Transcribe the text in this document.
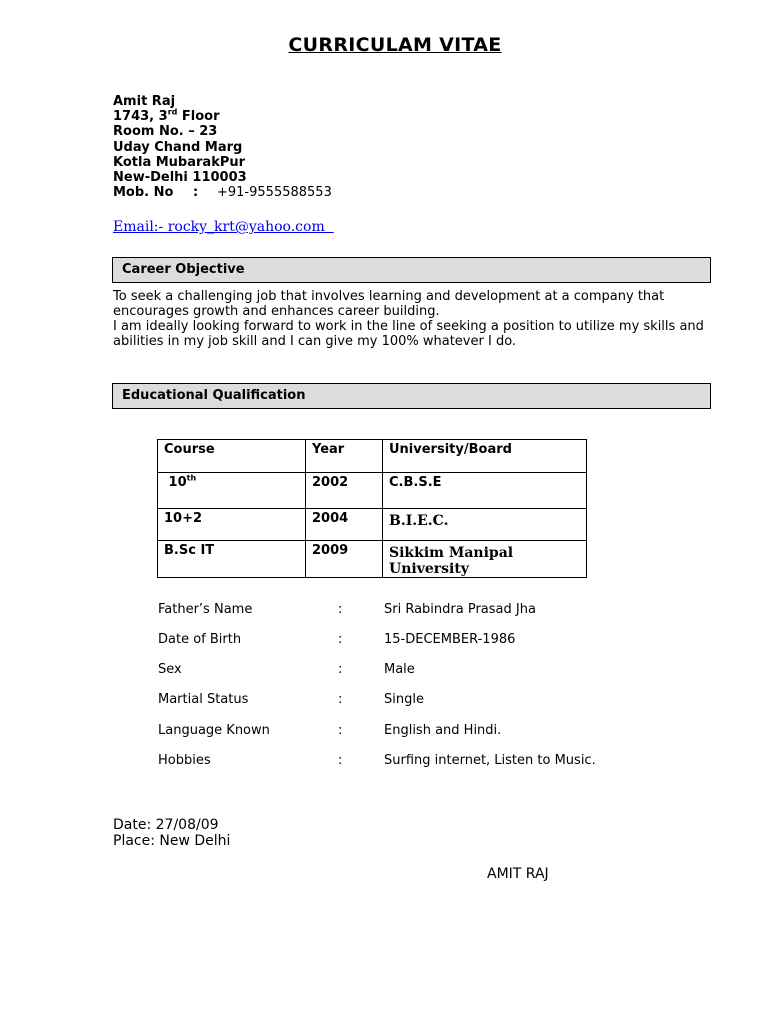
CURRICULAM VITAE
Amit Raj
1743, 3rd Floor
Room No. – 23
Uday Chand Marg
Kotla MubarakPur
New-Delhi 110003
Mob. No : +91-9555588553
Email:- rocky_krt@yahoo.com
Career Objective

To seek a challenging job that involves learning and development at a company that encourages growth and enhances career building.

I am ideally looking forward to work in the line of seeking a position to utilize my skills and abilities in my job skill and I can give my 100% whatever I do.

Educational Qualification
Course	Year	University/Board
10th	2002	C.B.S.E
10+2	2004	B.I.E.C.
B.Sc IT	2009	Sikkim Manipal University
Father’s Name	:	Sri Rabindra Prasad Jha
Date of Birth	:	15-DECEMBER-1986
Sex	:	Male
Martial Status	:	Single
Language Known	:	English and Hindi.
Hobbies	:	Surfing internet, Listen to Music.
Date: 27/08/09
Place: New Delhi
AMIT RAJ
